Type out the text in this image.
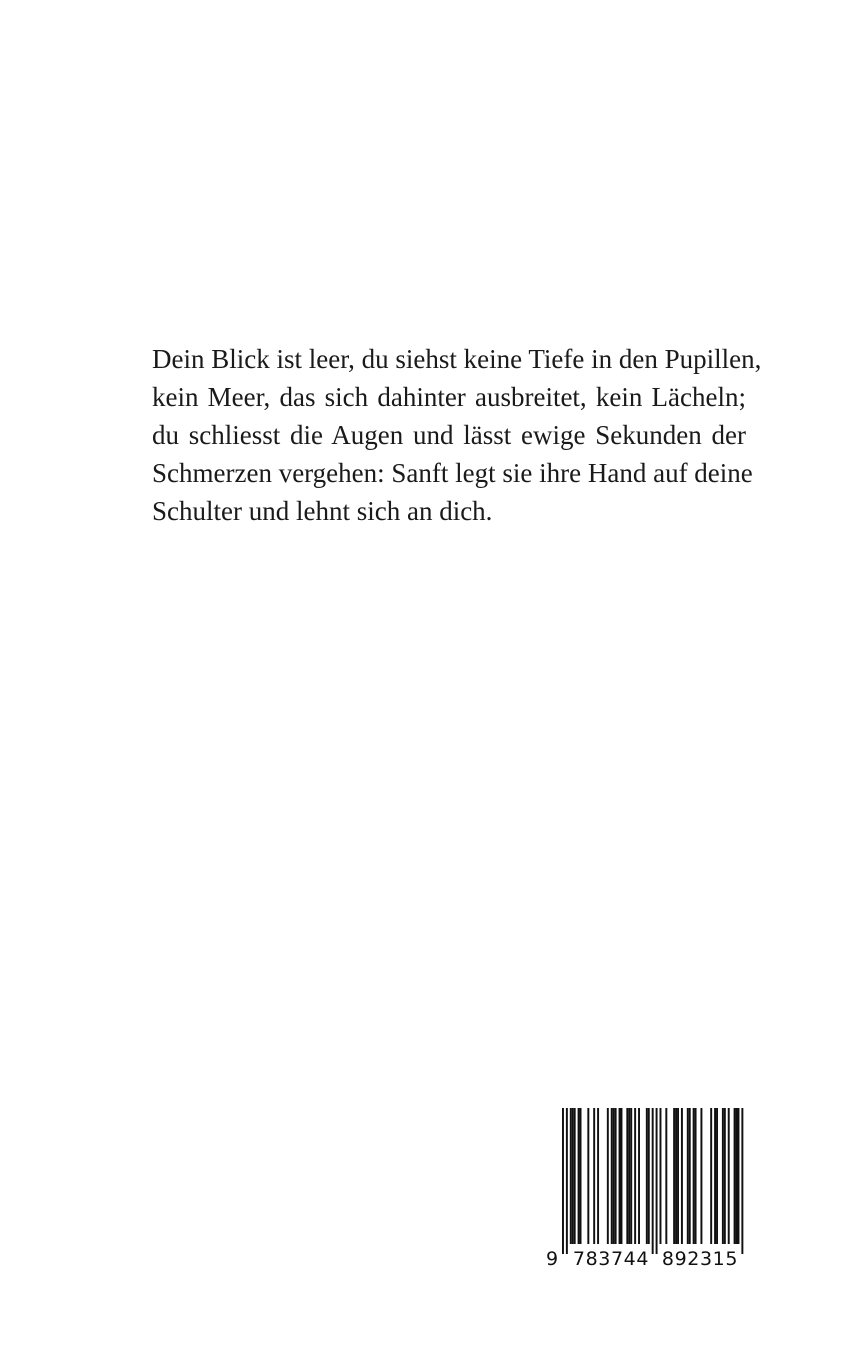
Dein Blick ist leer, du siehst keine Tiefe in den Pupillen,
kein Meer, das sich dahinter ausbreitet, kein Lächeln;
du schliesst die Augen und lässt ewige Sekunden der
Schmerzen vergehen: Sanft legt sie ihre Hand auf deine
Schulter und lehnt sich an dich.

9 783744 892315
